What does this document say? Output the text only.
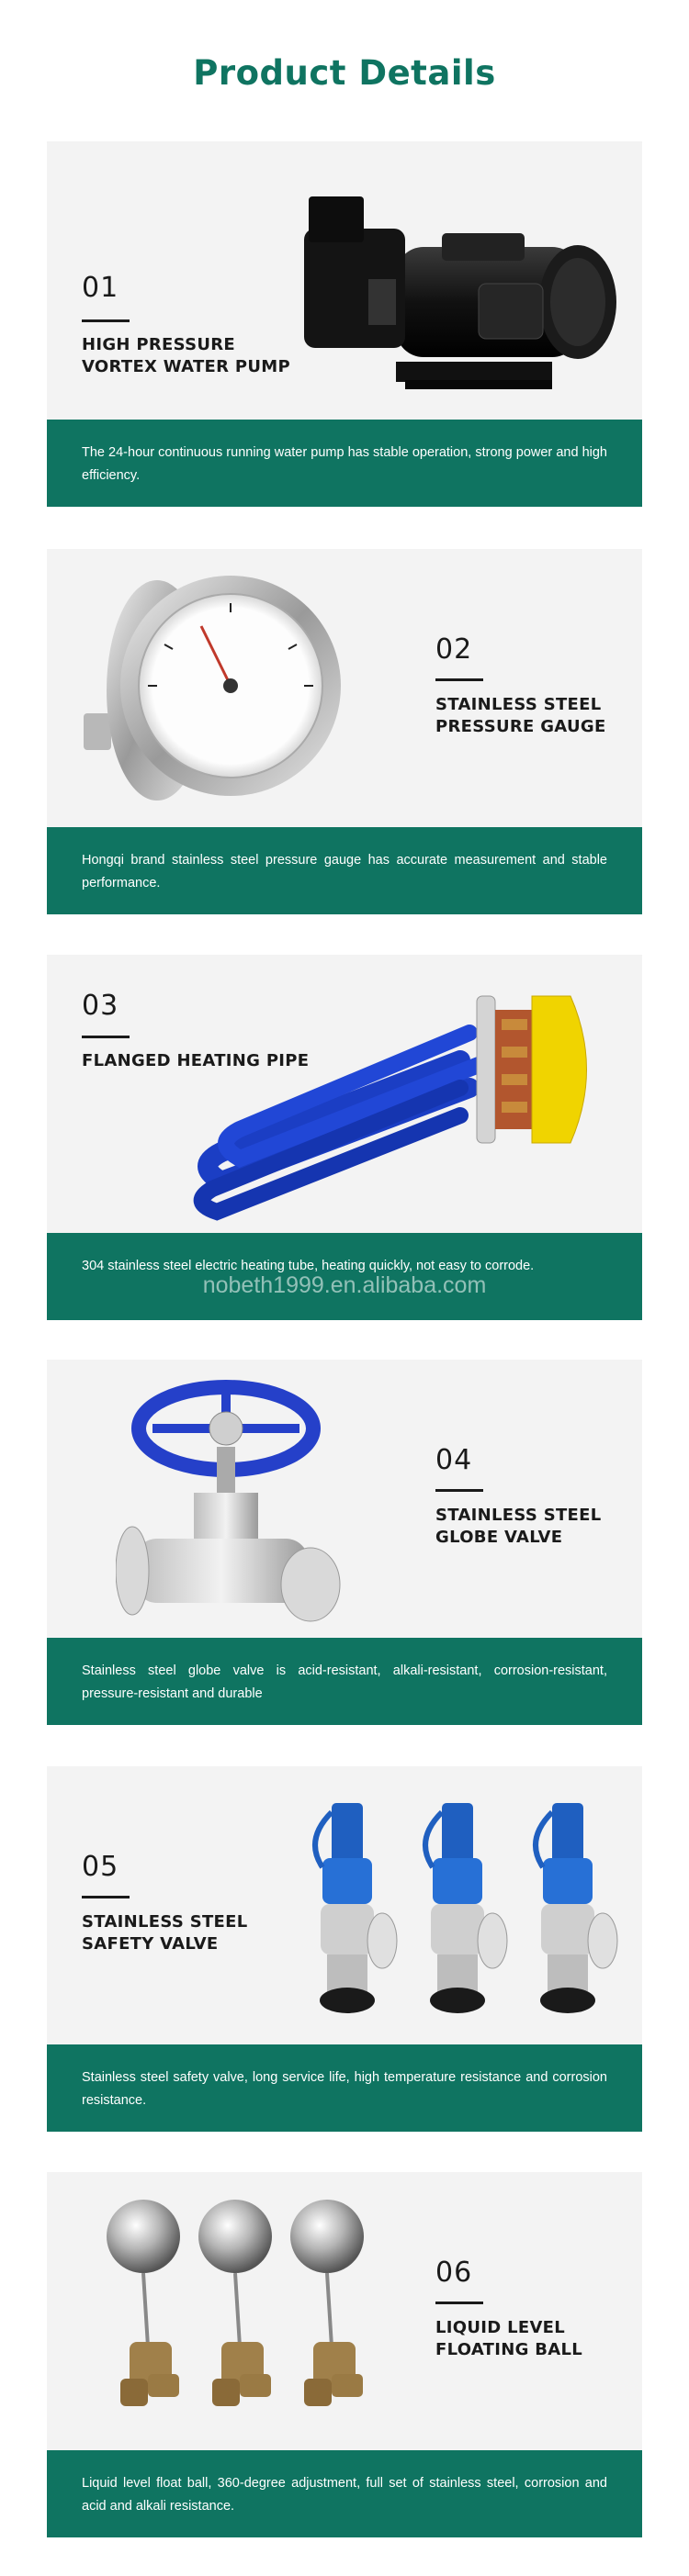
Product Details
01
HIGH PRESSURE
VORTEX WATER PUMP
The 24-hour continuous running water pump has stable operation, strong power and high efficiency.
02
STAINLESS STEEL
PRESSURE GAUGE
Hongqi brand stainless steel pressure gauge has accurate measurement and stable performance.
03
FLANGED HEATING PIPE
304 stainless steel electric heating tube, heating quickly, not easy to corrode.
nobeth1999.en.alibaba.com
04
STAINLESS STEEL
GLOBE VALVE
Stainless steel globe valve is acid-resistant, alkali-resistant, corrosion-resistant, pressure-resistant and durable
05
STAINLESS STEEL
SAFETY VALVE
Stainless steel safety valve, long service life, high temperature resistance and corrosion resistance.
06
LIQUID LEVEL
FLOATING BALL
Liquid level float ball, 360-degree adjustment, full set of stainless steel, corrosion and acid and alkali resistance.
